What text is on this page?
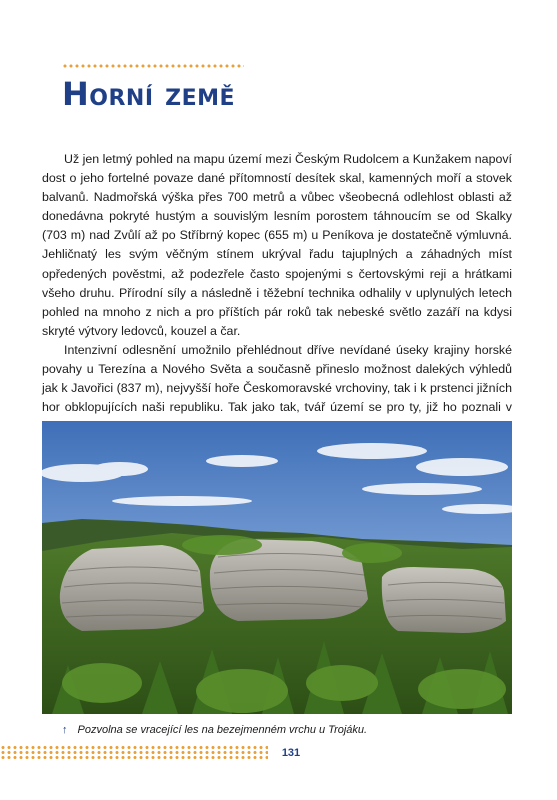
Horní země

Už jen letmý pohled na mapu území mezi Českým Rudolcem a Kunžakem napoví dost o jeho fortelné povaze dané přítomností desítek skal, kamenných moří a stovek balvanů. Nadmořská výška přes 700 metrů a vůbec všeobecná odlehlost oblasti až donedávna pokryté hustým a souvislým lesním porostem táhnoucím se od Skalky (703 m) nad Zvůlí až po Stříbrný kopec (655 m) u Peníkova je dostatečně výmluvná. Jehličnatý les svým věčným stínem ukrýval řadu tajuplných a záhadných míst opředených pověstmi, až podezřele často spojenými s čertovskými reji a hrátkami všeho druhu. Přírodní síly a následně i těžební technika odhalily v uplynulých letech pohled na mnoho z nich a pro příštích pár roků tak nebeské světlo zazáří na kdysi skryté výtvory ledovců, kouzel a čar.

Intenzivní odlesnění umožnilo přehlédnout dříve nevídané úseky krajiny horské povahy u Terezína a Nového Světa a současně přineslo možnost dalekých výhledů jak k Javořici (837 m), nejvyšší hoře Českomoravské vrchoviny, tak i k prstenci jižních hor obklopujících naši republiku. Tak jako tak, tvář území se pro ty, již ho poznali v

↑ Pozvolna se vracející les na bezejmenném vrchu u Trojáku.
131
